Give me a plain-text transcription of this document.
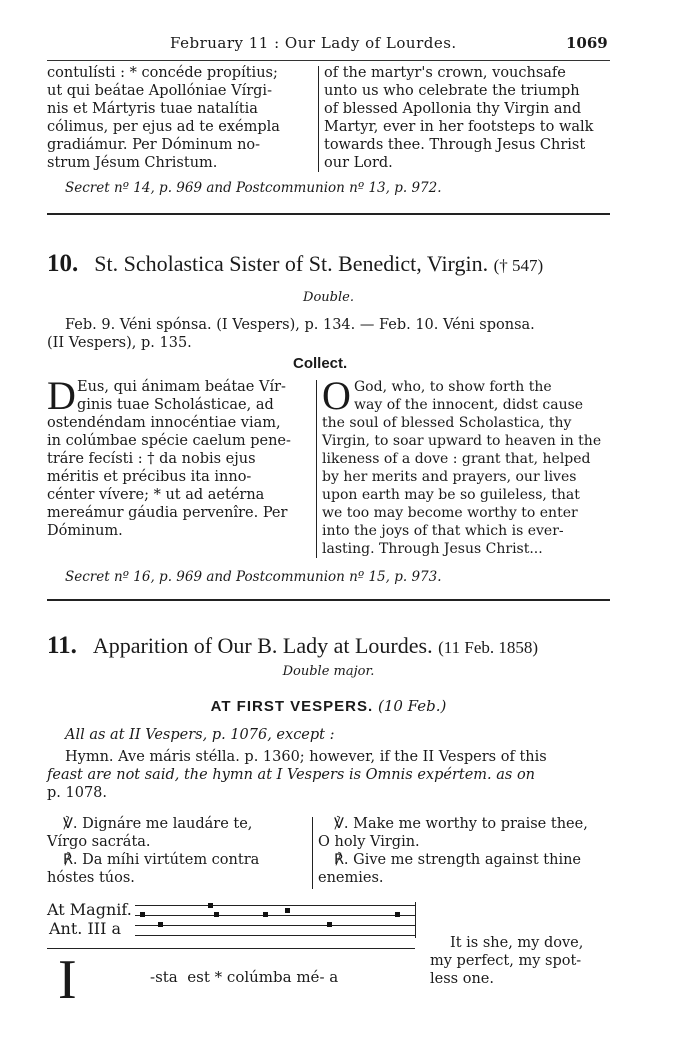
February 11 : Our Lady of Lourdes.	1069

contulísti : * concéde propítius;

ut qui beátae Apollóniae Vírgi-

nis et Mártyris tuae natalítia

cólimus, per ejus ad te exémpla

gradiámur. Per Dóminum no-

strum Jésum Christum.

of the martyr's crown, vouchsafe

unto us who celebrate the triumph

of blessed Apollonia thy Virgin and

Martyr, ever in her footsteps to walk

towards thee. Through Jesus Christ

our Lord.

Secret nº 14, p. 969 and Postcommunion nº 13, p. 972.
10. St. Scholastica Sister of St. Benedict, Virgin. († 547)
Double.
Feb. 9. Véni spónsa. (I Vespers), p. 134. — Feb. 10. Véni sponsa.
(II Vespers), p. 135.
Collect.
D Eus, qui ánimam beátae Vír-

ginis tuae Scholásticae, ad

ostendéndam innocéntiae viam,

in colúmbae spécie caelum pene-

tráre fecísti : † da nobis ejus

méritis et précibus ita inno-

cénter vívere; * ut ad aetérna

mereámur gáudia pervenîre. Per

Dóminum.

O God, who, to show forth the

way of the innocent, didst cause

the soul of blessed Scholastica, thy

Virgin, to soar upward to heaven in the

likeness of a dove : grant that, helped

by her merits and prayers, our lives

upon earth may be so guileless, that

we too may become worthy to enter

into the joys of that which is ever-

lasting. Through Jesus Christ...

Secret nº 16, p. 969 and Postcommunion nº 15, p. 973.
11. Apparition of Our B. Lady at Lourdes. (11 Feb. 1858)
Double major.
AT FIRST VESPERS. (10 Feb.)
All as at II Vespers, p. 1076, except :
Hymn. Ave máris stélla. p. 1360; however, if the II Vespers of this
feast are not said, the hymn at I Vespers is Omnis expértem. as on
p. 1078.

℣. Dignáre me laudáre te,

Vírgo sacráta.

℟. Da míhi virtútem contra

hóstes túos.

℣. Make me worthy to praise thee,

O holy Virgin.

℟. Give me strength against thine

enemies.

At Magnif.
Ant. III a
I	-sta  est * colúmba mé- a

It is she, my dove,

my perfect, my spot-

less one.
